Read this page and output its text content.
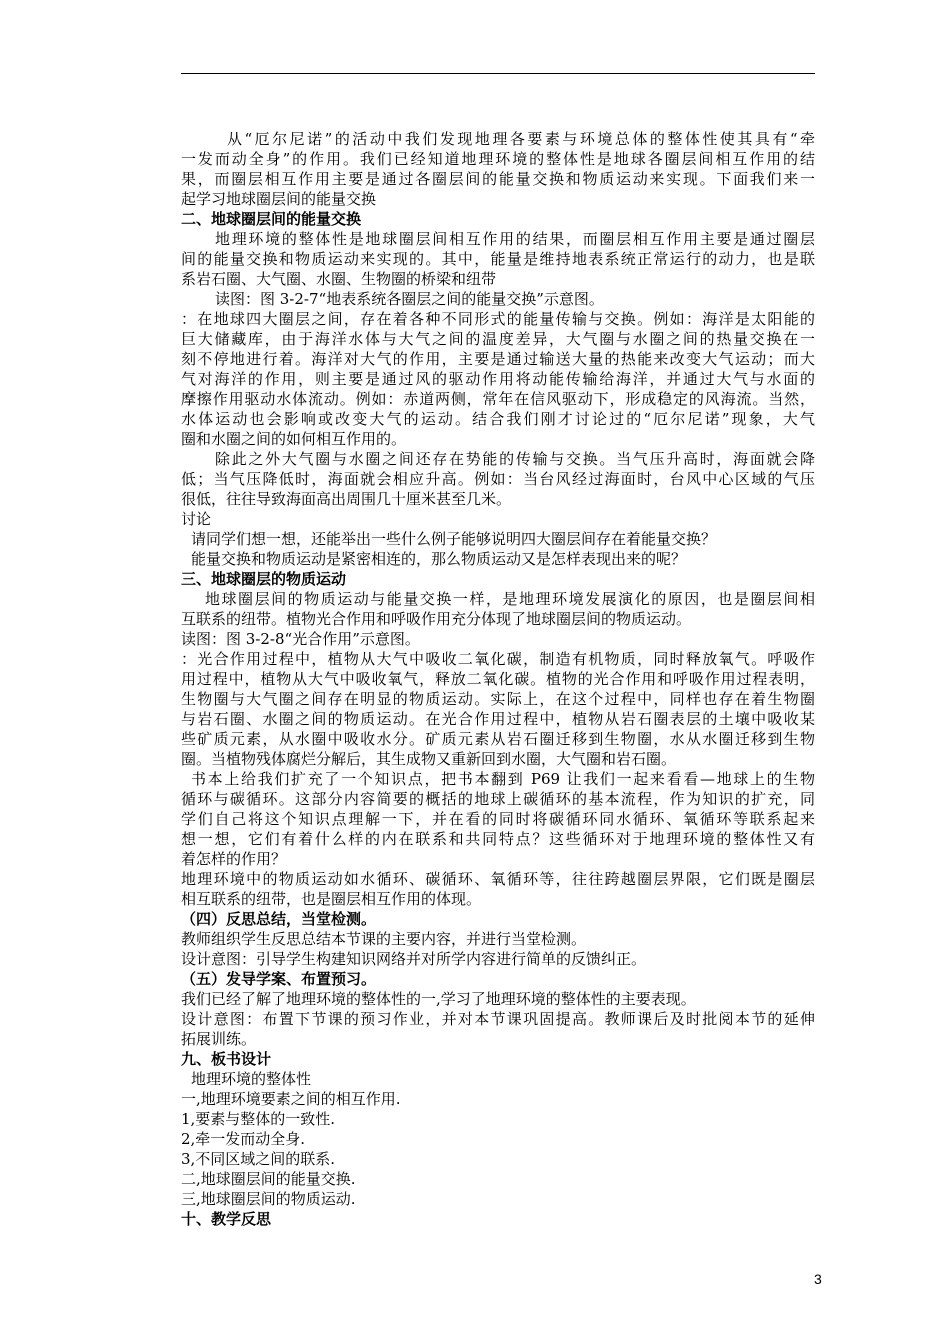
从“厄尔尼诺”的活动中我们发现地理各要素与环境总体的整体性使其具有“牵

一发而动全身”的作用。我们已经知道地理环境的整体性是地球各圈层间相互作用的结

果，而圈层相互作用主要是通过各圈层间的能量交换和物质运动来实现。下面我们来一

起学习地球圈层间的能量交换

二、地球圈层间的能量交换

地理环境的整体性是地球圈层间相互作用的结果，而圈层相互作用主要是通过圈层

间的能量交换和物质运动来实现的。其中，能量是维持地表系统正常运行的动力，也是联

系岩石圈、大气圈、水圈、生物圈的桥梁和纽带

读图：图 3-2-7“地表系统各圈层之间的能量交换”示意图。

：在地球四大圈层之间，存在着各种不同形式的能量传输与交换。例如：海洋是太阳能的

巨大储藏库，由于海洋水体与大气之间的温度差异，大气圈与水圈之间的热量交换在一

刻不停地进行着。海洋对大气的作用，主要是通过输送大量的热能来改变大气运动；而大

气对海洋的作用，则主要是通过风的驱动作用将动能传输给海洋，并通过大气与水面的

摩擦作用驱动水体流动。例如：赤道两侧，常年在信风驱动下，形成稳定的风海流。当然，

水体运动也会影响或改变大气的运动。结合我们刚才讨论过的“厄尔尼诺”现象，大气

圈和水圈之间的如何相互作用的。

除此之外大气圈与水圈之间还存在势能的传输与交换。当气压升高时，海面就会降

低；当气压降低时，海面就会相应升高。例如：当台风经过海面时，台风中心区域的气压

很低，往往导致海面高出周围几十厘米甚至几米。

讨论

请同学们想一想，还能举出一些什么例子能够说明四大圈层间存在着能量交换？

能量交换和物质运动是紧密相连的，那么物质运动又是怎样表现出来的呢？

三、地球圈层的物质运动

地球圈层间的物质运动与能量交换一样，是地理环境发展演化的原因，也是圈层间相

互联系的纽带。植物光合作用和呼吸作用充分体现了地球圈层间的物质运动。

读图：图 3-2-8“光合作用”示意图。

：光合作用过程中，植物从大气中吸收二氧化碳，制造有机物质，同时释放氧气。呼吸作

用过程中，植物从大气中吸收氧气，释放二氧化碳。植物的光合作用和呼吸作用过程表明，

生物圈与大气圈之间存在明显的物质运动。实际上，在这个过程中，同样也存在着生物圈

与岩石圈、水圈之间的物质运动。在光合作用过程中，植物从岩石圈表层的土壤中吸收某

些矿质元素，从水圈中吸收水分。矿质元素从岩石圈迁移到生物圈，水从水圈迁移到生物

圈。当植物残体腐烂分解后，其生成物又重新回到水圈，大气圈和岩石圈。

书本上给我们扩充了一个知识点，把书本翻到 P69 让我们一起来看看—地球上的生物

循环与碳循环。这部分内容简要的概括的地球上碳循环的基本流程，作为知识的扩充，同

学们自己将这个知识点理解一下，并在看的同时将碳循环同水循环、氧循环等联系起来

想一想，它们有着什么样的内在联系和共同特点？这些循环对于地理环境的整体性又有

着怎样的作用？

地理环境中的物质运动如水循环、碳循环、氧循环等，往往跨越圈层界限，它们既是圈层

相互联系的纽带，也是圈层相互作用的体现。

（四）反思总结，当堂检测。

教师组织学生反思总结本节课的主要内容，并进行当堂检测。

设计意图：引导学生构建知识网络并对所学内容进行简单的反馈纠正。

（五）发导学案、布置预习。

我们已经了解了地理环境的整体性的一,学习了地理环境的整体性的主要表现。

设计意图：布置下节课的预习作业，并对本节课巩固提高。教师课后及时批阅本节的延伸

拓展训练。

九、板书设计

地理环境的整体性

一,地理环境要素之间的相互作用.

1,要素与整体的一致性.

2,牵一发而动全身.

3,不同区域之间的联系.

二,地球圈层间的能量交换.

三,地球圈层间的物质运动.

十、教学反思

3
